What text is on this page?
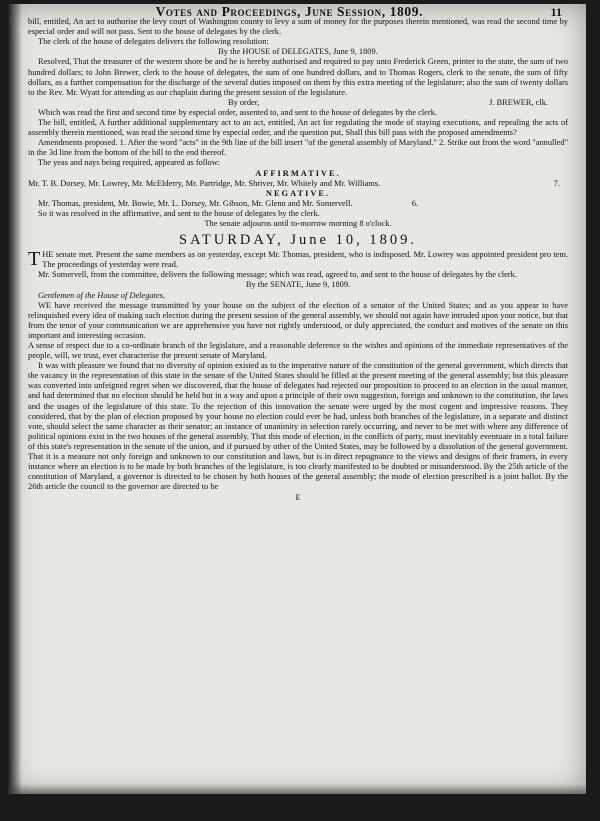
Votes and Proceedings, June Session, 1809.	11

bill, entitled, An act to authorise the levy court of Washington county to levy a sum of money for the purposes therein mentioned, was read the second time by especial order and will not pass. Sent to the house of delegates by the clerk.

The clerk of the house of delegates delivers the following resolution:

By the HOUSE of DELEGATES, June 9, 1809.

Resolved, That the treasurer of the western shore be and he is hereby authorised and required to pay unto Frederick Green, printer to the state, the sum of two hundred dollars; to John Brewer, clerk to the house of delegates, the sum of one hundred dollars, and to Thomas Rogers, clerk to the senate, the sum of fifty dollars, as a further compensation for the discharge of the several duties imposed on them by this extra meeting of the legislature; also the sum of twenty dollars to the Rev. Mr. Wyatt for attending as our chaplain during the present session of the legislature.

By order,	J. BREWER, clk.

Which was read the first and second time by especial order, assented to, and sent to the house of delegates by the clerk.

The bill, entitled, A further additional supplementary act to an act, entitled, An act for regulating the mode of staying executions, and repealing the acts of assembly therein mentioned, was read the second time by especial order, and the question put, Shall this bill pass with the proposed amendments?

Amendments proposed. 1. After the word "acts" in the 9th line of the bill insert "of the general assembly of Maryland." 2. Strike out from the word "annulled" in the 3d line from the bottom of the bill to the end thereof.

The yeas and nays being required, appeared as follow:

AFFIRMATIVE.

Mr. T. B. Dorsey, Mr. Lowrey, Mr. McElderry, Mr. Partridge, Mr. Shriver, Mr. Whitely and Mr. Williams.	7.

NEGATIVE.

Mr. Thomas, president, Mr. Bowie, Mr. L. Dorsey, Mr. Gibson, Mr. Glenn and Mr. Somervell.	6.

So it was resolved in the affirmative, and sent to the house of delegates by the clerk.

The senate adjourns until to-morrow morning 8 o'clock.

SATURDAY, June 10, 1809.

THE senate met. Present the same members as on yesterday, except Mr. Thomas, president, who is indisposed. Mr. Lowrey was appointed president pro tem. The proceedings of yesterday were read.

Mr. Somervell, from the committee, delivers the following message; which was read, agreed to, and sent to the house of delegates by the clerk.

By the SENATE, June 9, 1809.

Gentlemen of the House of Delegates,

WE have received the message transmitted by your house on the subject of the election of a senator of the United States; and as you appear to have relinquished every idea of making such election during the present session of the general assembly, we should not again have intruded upon your notice, but that from the tenor of your communication we are apprehensive you have not rightly understood, or duly appreciated, the conduct and motives of the senate on this important and interesting occasion.

A sense of respect due to a co-ordinate branch of the legislature, and a reasonable deference to the wishes and opinions of the immediate representatives of the people, will, we trust, ever characterise the present senate of Maryland.

It was with pleasure we found that no diversity of opinion existed as to the imperative nature of the constitution of the general government, which directs that the vacancy in the representation of this state in the senate of the United States should be filled at the present meeting of the general assembly; but this pleasure was converted into unfeigned regret when we discovered, that the house of delegates had rejected our proposition to proceed to an election in the usual manner, and had determined that no election should be held but in a way and upon a principle of their own suggestion, foreign and unknown to the constitution, the laws and the usages of the legislature of this state. To the rejection of this innovation the senate were urged by the most cogent and impressive reasons. They considered, that by the plan of election proposed by your house no election could ever be had, unless both branches of the legislature, in a separate and distinct vote, should select the same character as their senator; an instance of unanimity in selection rarely occurring, and never to be met with where any difference of political opinions exist in the two houses of the general assembly. That this mode of election, in the conflicts of party, must inevitably eventuate in a total failure of this state's representation in the senate of the union, and if pursued by other of the United States, may be followed by a dissolution of the general government. That it is a measure not only foreign and unknown to our constitution and laws, but is in direct repugnance to the views and designs of their framers, in every instance where an election is to be made by both branches of the legislature, is too clearly manifested to be doubted or misunderstood. By the 25th article of the constitution of Maryland, a governor is directed to be chosen by both houses of the general assembly; the mode of election prescribed is a joint ballot. By the 26th article the council to the governor are directed to be

E
